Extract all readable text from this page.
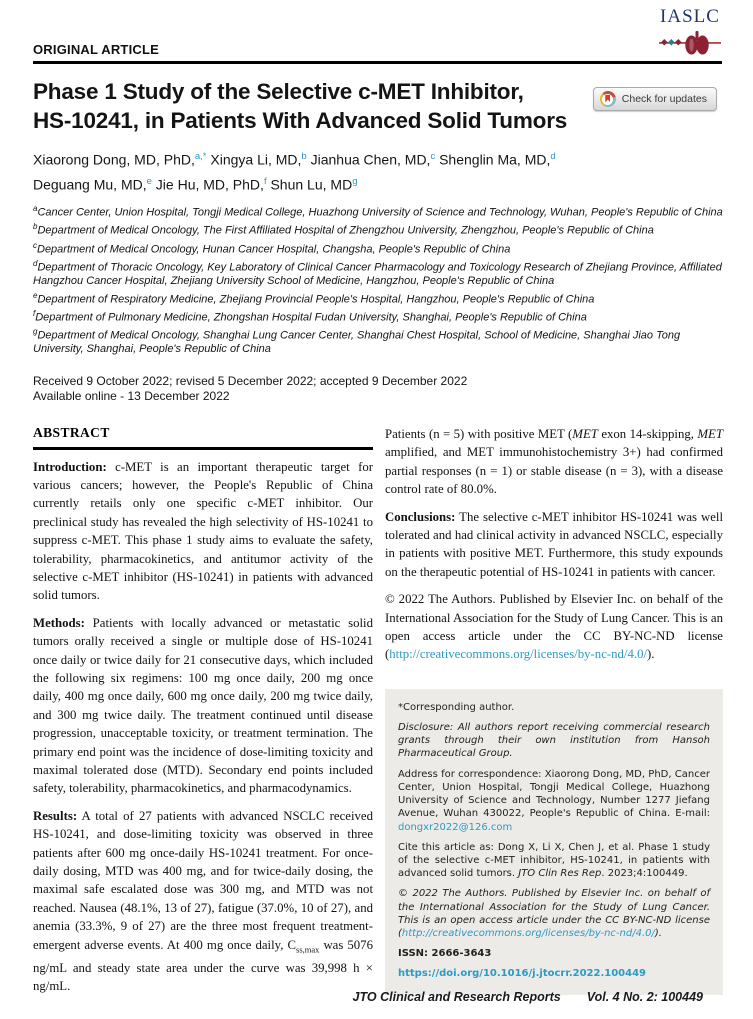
ORIGINAL ARTICLE
IASLC
Phase 1 Study of the Selective c-MET Inhibitor,
HS-10241, in Patients With Advanced Solid Tumors
Check for updates
Xiaorong Dong, MD, PhD,$^{a,*}$ Xingya Li, MD,$^b$ Jianhua Chen, MD,$^c$ Shenglin Ma, MD,$^d$
Deguang Mu, MD,$^e$ Jie Hu, MD, PhD,$^f$ Shun Lu, $MD^g$
$^a$Cancer Center, Union Hospital, Tongji Medical College, Huazhong University of Science and Technology, Wuhan, People's Republic of China
$^b$Department of Medical Oncology, The First Affiliated Hospital of Zhengzhou University, Zhengzhou, People's Republic of China
$^c$Department of Medical Oncology, Hunan Cancer Hospital, Changsha, People's Republic of China
$^d$Department of Thoracic Oncology, Key Laboratory of Clinical Cancer Pharmacology and Toxicology Research of Zhejiang Province, Affiliated Hangzhou Cancer Hospital, Zhejiang University School of Medicine, Hangzhou, People's Republic of China
$^e$Department of Respiratory Medicine, Zhejiang Provincial People's Hospital, Hangzhou, People's Republic of China
$^f$Department of Pulmonary Medicine, Zhongshan Hospital Fudan University, Shanghai, People's Republic of China
$^g$Department of Medical Oncology, Shanghai Lung Cancer Center, Shanghai Chest Hospital, School of Medicine, Shanghai Jiao Tong University, Shanghai, People's Republic of China
Received 9 October 2022; revised 5 December 2022; accepted 9 December 2022
Available online - 13 December 2022
ABSTRACT

Introduction: c-MET is an important therapeutic target for various cancers; however, the People's Republic of China currently retails only one specific c-MET inhibitor. Our preclinical study has revealed the high selectivity of HS-10241 to suppress c-MET. This phase 1 study aims to evaluate the safety, tolerability, pharmacokinetics, and antitumor activity of the selective c-MET inhibitor (HS-10241) in patients with advanced solid tumors.

Methods: Patients with locally advanced or metastatic solid tumors orally received a single or multiple dose of HS-10241 once daily or twice daily for 21 consecutive days, which included the following six regimens: 100 mg once daily, 200 mg once daily, 400 mg once daily, 600 mg once daily, 200 mg twice daily, and 300 mg twice daily. The treatment continued until disease progression, unacceptable toxicity, or treatment termination. The primary end point was the incidence of dose-limiting toxicity and maximal tolerated dose (MTD). Secondary end points included safety, tolerability, pharmacokinetics, and pharmacodynamics.

Results: A total of 27 patients with advanced NSCLC received HS-10241, and dose-limiting toxicity was observed in three patients after 600 mg once-daily HS-10241 treatment. For once-daily dosing, MTD was 400 mg, and for twice-daily dosing, the maximal safe escalated dose was 300 mg, and MTD was not reached. Nausea (48.1%, 13 of 27), fatigue (37.0%, 10 of 27), and anemia (33.3%, 9 of 27) are the three most frequent treatment-emergent adverse events. At 400 mg once daily, $C_{ss,max}$ was 5076 ng/mL and steady state area under the curve was 39,998 h × ng/mL.

Patients (n = 5) with positive MET (MET exon 14-skipping, MET amplified, and MET immunohistochemistry 3+) had confirmed partial responses (n = 1) or stable disease (n = 3), with a disease control rate of 80.0%.

Conclusions: The selective c-MET inhibitor HS-10241 was well tolerated and had clinical activity in advanced NSCLC, especially in patients with positive MET. Furthermore, this study expounds on the therapeutic potential of HS-10241 in patients with cancer.

© 2022 The Authors. Published by Elsevier Inc. on behalf of the International Association for the Study of Lung Cancer. This is an open access article under the CC BY-NC-ND license (http://creativecommons.org/licenses/by-nc-nd/4.0/).

*Corresponding author.

Disclosure: All authors report receiving commercial research grants through their own institution from Hansoh Pharmaceutical Group.

Address for correspondence: Xiaorong Dong, MD, PhD, Cancer Center, Union Hospital, Tongji Medical College, Huazhong University of Science and Technology, Number 1277 Jiefang Avenue, Wuhan 430022, People's Republic of China. E-mail: dongxr2022@126.com

Cite this article as: Dong X, Li X, Chen J, et al. Phase 1 study of the selective c-MET inhibitor, HS-10241, in patients with advanced solid tumors. JTO Clin Res Rep. 2023;4:100449.

© 2022 The Authors. Published by Elsevier Inc. on behalf of the International Association for the Study of Lung Cancer. This is an open access article under the CC BY-NC-ND license (http://creativecommons.org/licenses/by-nc-nd/4.0/).

ISSN: 2666-3643

https://doi.org/10.1016/j.jtocrr.2022.100449

JTO Clinical and Research Reports Vol. 4 No. 2: 100449
